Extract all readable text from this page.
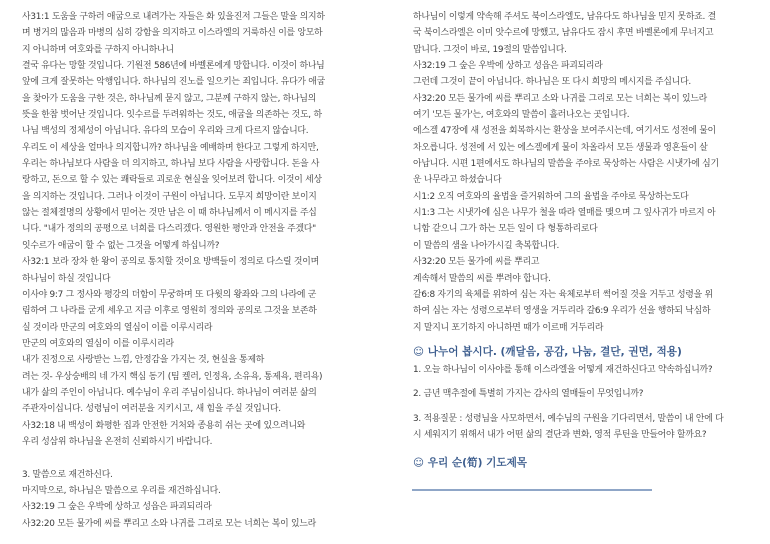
사31:1 도움을 구하러 애굽으로 내려가는 자들은 화 있을진저 그들은 말을 의지하
며 병거의 많음과 마병의 심히 강함을 의지하고 이스라엘의 거룩하신 이를 앙모하
지 아니하며 여호와를 구하지 아니하나니
결국 유다는 망할 것입니다. 기원전 586년에 바벨론에게 망합니다. 이것이 하나님
앞에 크게 잘못하는 악행입니다. 하나님의 진노를 일으키는 죄입니다. 유다가 애굽
을 찾아가 도움을 구한 것은, 하나님께 묻지 않고, 그분께 구하지 않는, 하나님의
뜻을 한참 벗어난 것입니다. 잇수르를 두려워하는 것도, 애굽을 의존하는 것도, 하
나님 백성의 정체성이 아닙니다. 유다의 모습이 우리와 크게 다르지 않습니다.
우리도 이 세상을 얼마나 의지합니까? 하나님을 예배하며 한다고 그렇게 하지만,
우리는 하나님보다 사람을 더 의지하고, 하나님 보다 사람을 사랑합니다. 돈을 사
랑하고, 돈으로 할 수 있는 쾌락들로 괴로운 현실을 잊어보려 합니다. 이것이 세상
을 의지하는 것입니다. 그러나 이것이 구원이 아닙니다. 도무지 희망이란 보이지
않는 절체절명의 상황에서 믿어는 것만 남은 이 때 하나님께서 이 메시지를 주십
니다. "내가 정의의 공평으로 너희를 다스리겠다. 영원한 평안과 안전을 주겠다"
잇수르가 애굽이 할 수 없는 그것을 어떻게 하십니까?
사32:1 보라 장차 한 왕이 공의로 통치할 것이요 방백들이 정의로 다스릴 것이며
하나님이 하실 것입니다
이사야 9:7 그 정사와 평강의 더함이 무궁하며 또 다윗의 왕좌와 그의 나라에 군
림하여 그 나라를 굳게 세우고 지금 이후로 영원히 정의와 공의로 그것을 보존하
실 것이라 만군의 여호와의 열심이 이를 이루시리라
만군의 여호와의 열심이 이를 이루시리라
내가 진정으로 사랑받는 느낌, 안정감을 가지는 것, 현실을 통제하
려는 것- 우상숭배의 네 가지 핵심 동기 (팀 켈러, 인정욕, 소유욕, 통제욕, 편리욕)
내가 삶의 주인이 아닙니다. 예수님이 우리 주님이십니다. 하나님이 여러분 삶의
주관자이십니다. 성령님이 여러분을 지키시고, 새 힘을 주실 것입니다.
사32:18 내 백성이 화평한 집과 안전한 거처와 종용히 쉬는 곳에 있으려니와
우리 성삼위 하나님을 온전히 신뢰하시기 바랍니다.
3. 말씀으로 재건하신다.
마지막으로, 하나님은 말씀으로 우리를 재건하십니다.
사32:19 그 숲은 우박에 상하고 성읍은 파괴되리라
사32:20 모든 물가에 씨를 뿌리고 소와 나귀를 그리로 모는 너희는 복이 있느라
하나님이 이렇게 약속해 주셔도 북이스라엘도, 남유다도 하나님을 믿지 못하죠. 결
국 북이스라엘은 이미 앗수르에 망했고, 남유다도 잠시 후면 바벨론에게 무너지고
맙니다. 그것이 바로, 19절의 말씀입니다.
사32:19 그 숲은 우박에 상하고 성읍은 파괴되리라
그런데 그것이 끝이 아닙니다. 하나님은 또 다시 희망의 메시지를 주십니다.
사32:20 모든 물가에 씨를 뿌리고 소와 나귀를 그리로 모는 너희는 복이 있느라
여기 '모든 물가'는, 여호와의 말씀이 흘러나오는 곳입니다.
에스겔 47장에 새 성전을 회복하시는 환상을 보여주시는데, 여기서도 성전에 물이
차오릅니다. 성전에 서 있는 에스겔에게 물이 차올라서 모든 생물과 영혼들이 살
아납니다. 시편 1편에서도 하나님의 말씀을 주야로 묵상하는 사람은 시냇가에 심기
운 나무라고 하셨습니다
시1:2 오직 여호와의 율법을 즐거워하여 그의 율법을 주야로 묵상하는도다
시1:3 그는 시냇가에 심은 나무가 철을 따라 열매를 맺으며 그 잎사귀가 마르지 아
니함 같으니 그가 하는 모든 일이 다 형통하리로다
이 말씀의 샘을 나아가시길 축복합니다.
사32:20 모든 물가에 씨를 뿌리고
계속해서 말씀의 씨를 뿌려야 합니다.
갈6:8 자기의 육체를 위하여 심는 자는 육체로부터 썩어질 것을 거두고 성령을 위
하여 심는 자는 성령으로부터 영생을 거두리라 갈6:9 우리가 선을 행하되 낙심하
지 말지니 포기하지 아니하면 때가 이르매 거두리라
☺ 나누어 봅시다. (깨달음, 공감, 나눔, 결단, 권면, 적용)
1. 오늘 하나님이 이사야를 통해 이스라엘을 어떻게 재건하신다고 약속하십니까?
2. 금년 맥추절에 특별히 가지는 감사의 열매들이 무엇입니까?
3. 적용질문 : 성령님을 사모하면서, 예수님의 구원을 기다리면서, 말씀이 내 안에 다
시 세워지기 위해서 내가 어떤 삶의 결단과 변화, 영적 루틴을 만들어야 할까요?
☺ 우리 순(筍) 기도제목
